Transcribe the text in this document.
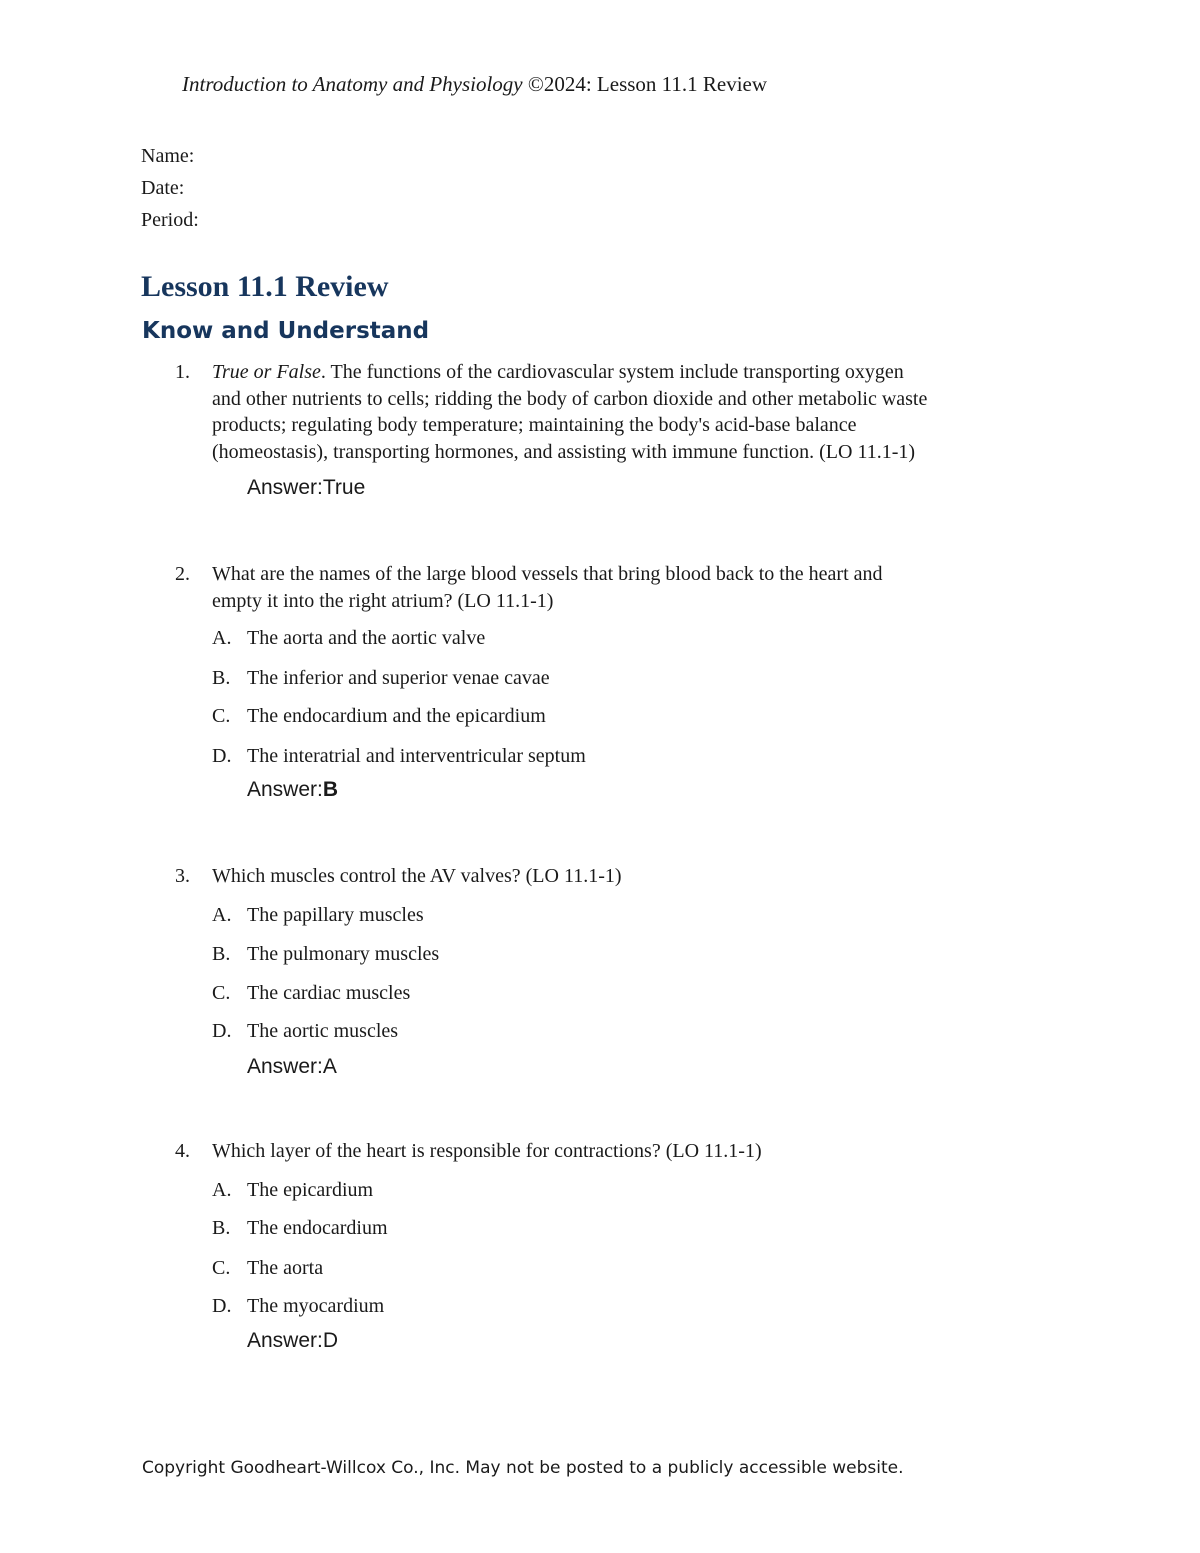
Introduction to Anatomy and Physiology ©2024: Lesson 11.1 Review
Name:
Date:
Period:
Lesson 11.1 Review
Know and Understand
1. True or False. The functions of the cardiovascular system include transporting oxygen
and other nutrients to cells; ridding the body of carbon dioxide and other metabolic waste
products; regulating body temperature; maintaining the body's acid-base balance
(homeostasis), transporting hormones, and assisting with immune function. (LO 11.1-1)
Answer:True
2. What are the names of the large blood vessels that bring blood back to the heart and
empty it into the right atrium? (LO 11.1-1)
A. The aorta and the aortic valve
B. The inferior and superior venae cavae
C. The endocardium and the epicardium
D. The interatrial and interventricular septum
Answer:B
3. Which muscles control the AV valves? (LO 11.1-1)
A. The papillary muscles
B. The pulmonary muscles
C. The cardiac muscles
D. The aortic muscles
Answer:A
4. Which layer of the heart is responsible for contractions? (LO 11.1-1)
A. The epicardium
B. The endocardium
C. The aorta
D. The myocardium
Answer:D
Copyright Goodheart-Willcox Co., Inc. May not be posted to a publicly accessible website.
